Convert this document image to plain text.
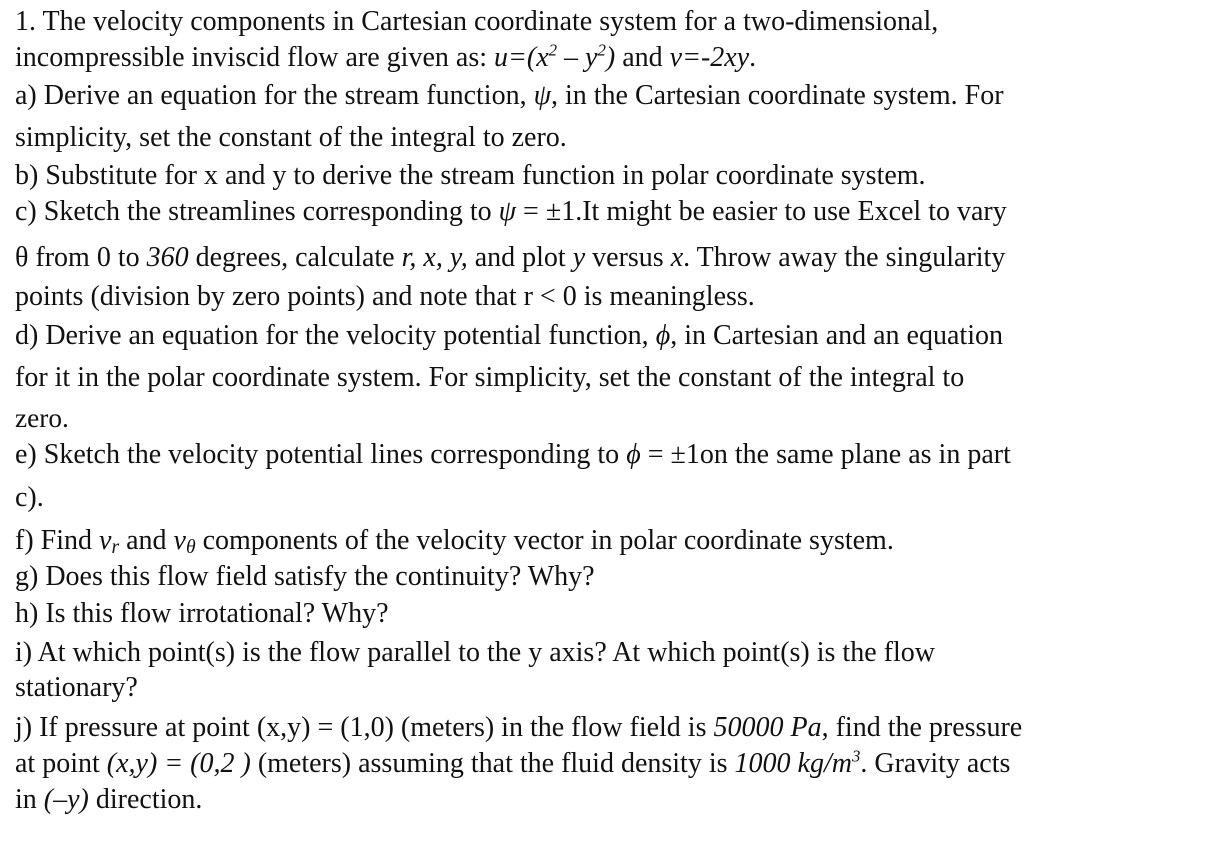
1. The velocity components in Cartesian coordinate system for a two-dimensional,
incompressible inviscid flow are given as: $u=(x^2 - y^2)$ and v=-2xy.
a) Derive an equation for the stream function, ψ, in the Cartesian coordinate system. For
simplicity, set the constant of the integral to zero.
b) Substitute for x and y to derive the stream function in polar coordinate system.
c) Sketch the streamlines corresponding to ψ = ±1.It might be easier to use Excel to vary
θ from 0 to 360 degrees, calculate r, x, y, and plot y versus x. Throw away the singularity
points (division by zero points) and note that r < 0 is meaningless.
d) Derive an equation for the velocity potential function, ϕ, in Cartesian and an equation
for it in the polar coordinate system. For simplicity, set the constant of the integral to
zero.
e) Sketch the velocity potential lines corresponding to ϕ = ±1on the same plane as in part
c).
f) Find $v_r$ and $v_\theta$ components of the velocity vector in polar coordinate system.
g) Does this flow field satisfy the continuity? Why?
h) Is this flow irrotational? Why?
i) At which point(s) is the flow parallel to the y axis? At which point(s) is the flow
stationary?
j) If pressure at point (x,y) = (1,0) (meters) in the flow field is 50000 Pa, find the pressure
at point (x,y) = (0,2 ) (meters) assuming that the fluid density is 1000 $kg/m^3$. Gravity acts
in (–y) direction.
